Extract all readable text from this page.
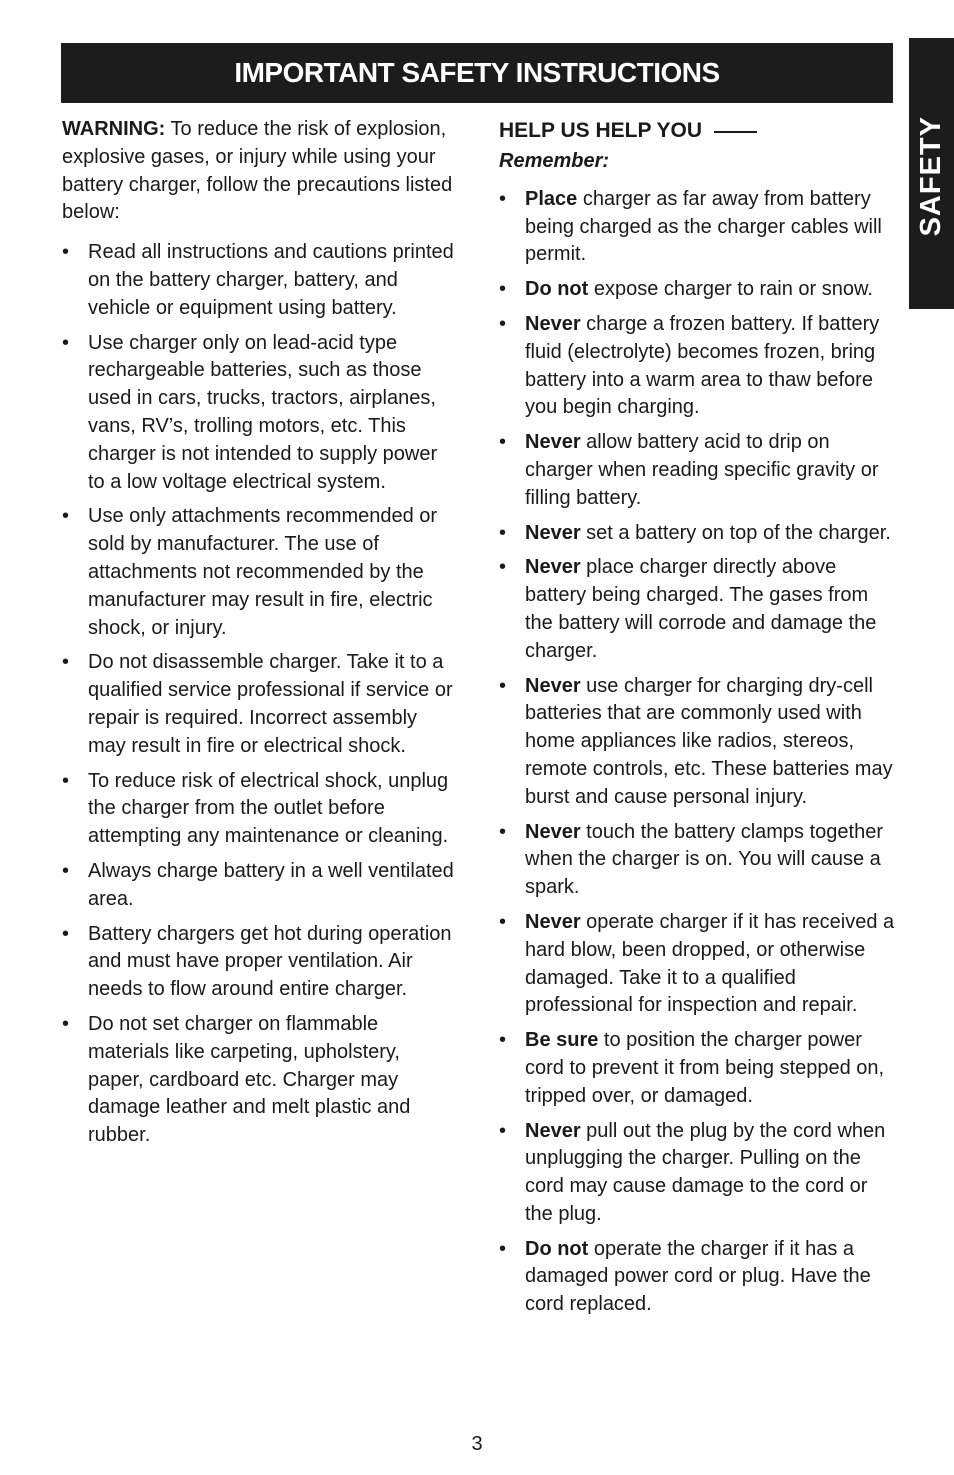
IMPORTANT SAFETY INSTRUCTIONS
SAFETY

WARNING: To reduce the risk of explosion, explosive gases, or injury while using your battery charger, follow the precautions listed below:

• Read all instructions and cautions printed on the battery charger, battery, and vehicle or equipment using battery.
• Use charger only on lead-acid type rechargeable batteries, such as those used in cars, trucks, tractors, airplanes, vans, RV’s, trolling motors, etc. This charger is not intended to supply power to a low voltage electrical system.
• Use only attachments recommended or sold by manufacturer. The use of attachments not recommended by the manufacturer may result in fire, electric shock, or injury.
• Do not disassemble charger. Take it to a qualified service professional if service or repair is required. Incorrect assembly may result in fire or electrical shock.
• To reduce risk of electrical shock, unplug the charger from the outlet before attempting any maintenance or cleaning.
• Always charge battery in a well ventilated area.
• Battery chargers get hot during operation and must have proper ventilation. Air needs to flow around entire charger.
• Do not set charger on flammable materials like carpeting, upholstery, paper, cardboard etc. Charger may damage leather and melt plastic and rubber.
HELP US HELP YOU
Remember:
• Place charger as far away from battery being charged as the charger cables will permit.
• Do not expose charger to rain or snow.
• Never charge a frozen battery. If battery fluid (electrolyte) becomes frozen, bring battery into a warm area to thaw before you begin charging.
• Never allow battery acid to drip on charger when reading specific gravity or filling battery.
• Never set a battery on top of the charger.
• Never place charger directly above battery being charged. The gases from the battery will corrode and damage the charger.
• Never use charger for charging dry-cell batteries that are commonly used with home appliances like radios, stereos, remote controls, etc. These batteries may burst and cause personal injury.
• Never touch the battery clamps together when the charger is on. You will cause a spark.
• Never operate charger if it has received a hard blow, been dropped, or otherwise damaged. Take it to a qualified professional for inspection and repair.
• Be sure to position the charger power cord to prevent it from being stepped on, tripped over, or damaged.
• Never pull out the plug by the cord when unplugging the charger. Pulling on the cord may cause damage to the cord or the plug.
• Do not operate the charger if it has a damaged power cord or plug. Have the cord replaced.
3
